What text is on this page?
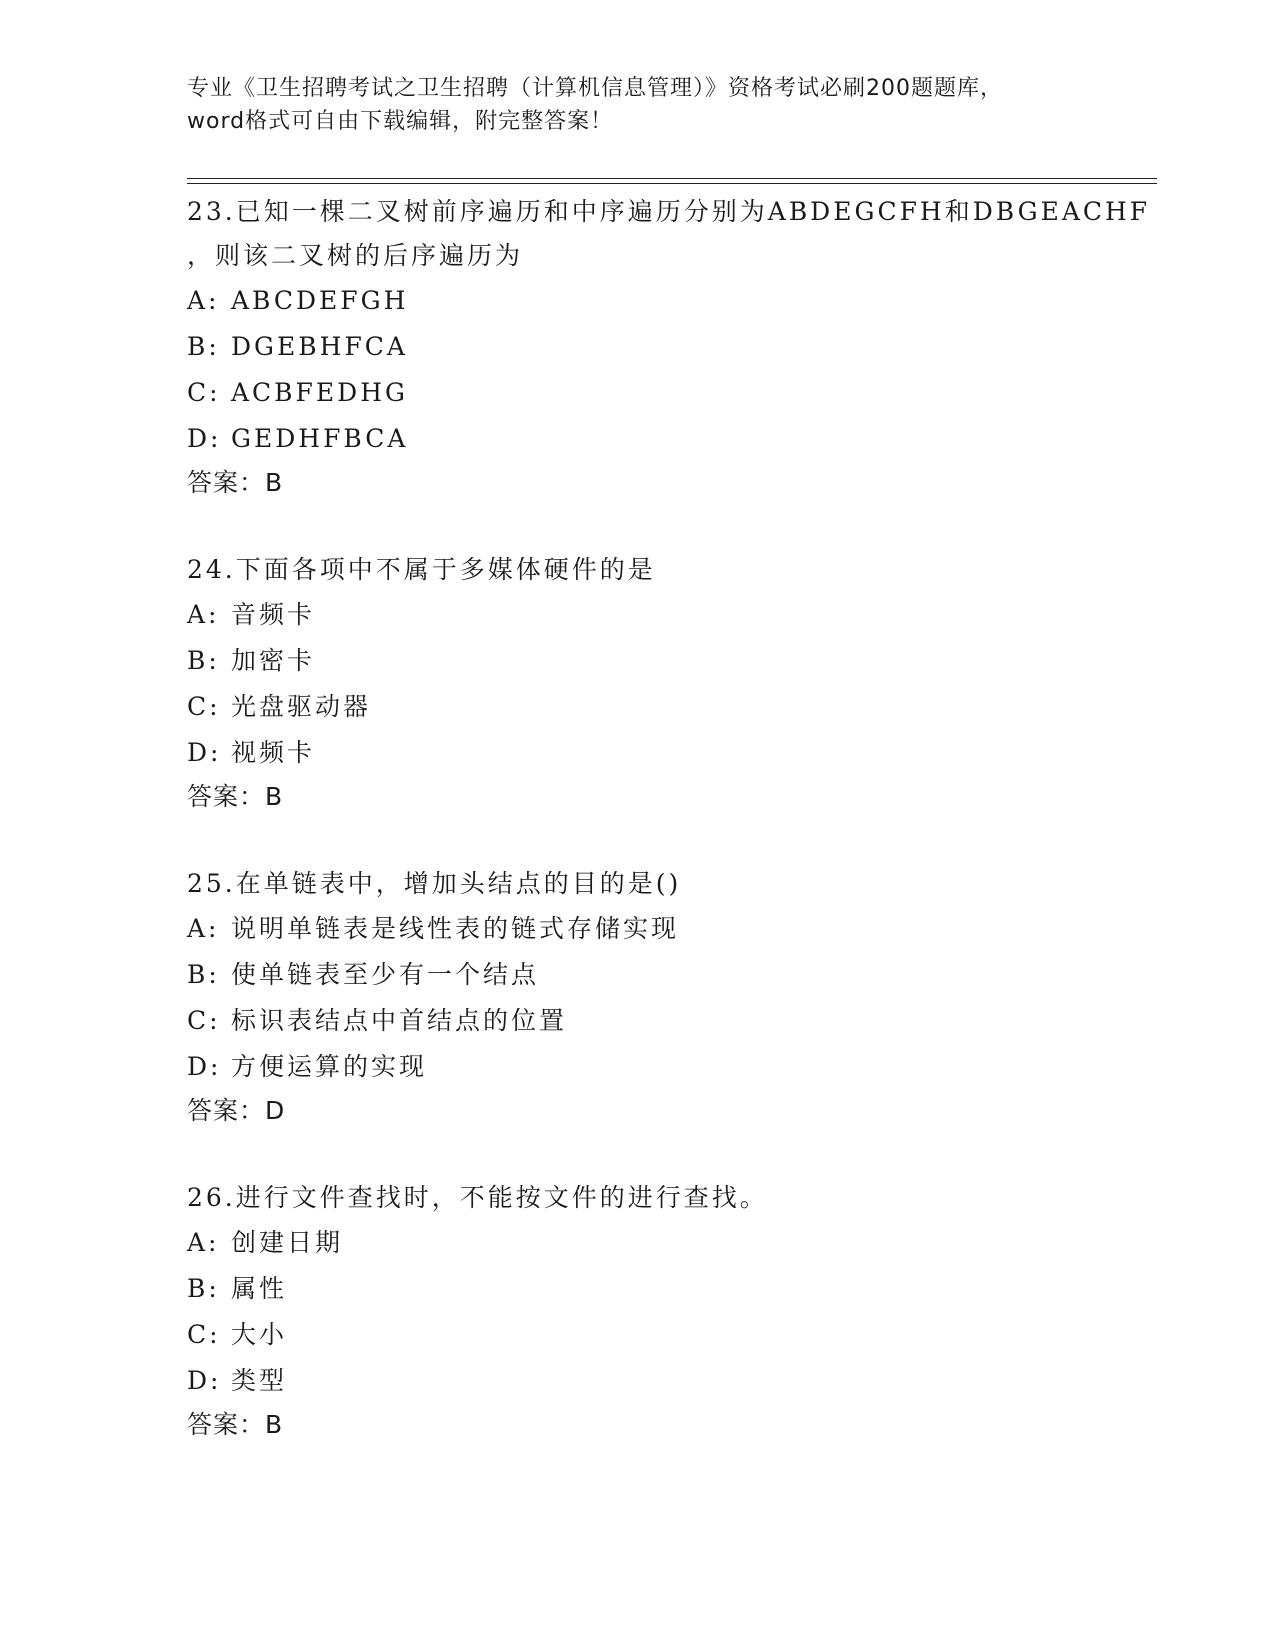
专业《卫生招聘考试之卫生招聘（计算机信息管理）》资格考试必刷200题题库，
word格式可自由下载编辑，附完整答案！
23.已知一棵二叉树前序遍历和中序遍历分别为ABDEGCFH和DBGEACHF
，则该二叉树的后序遍历为
A: ABCDEFGH
B: DGEBHFCA
C: ACBFEDHG
D: GEDHFBCA
答案：B
24.下面各项中不属于多媒体硬件的是
A: 音频卡
B: 加密卡
C: 光盘驱动器
D: 视频卡
答案：B
25.在单链表中，增加头结点的目的是()
A: 说明单链表是线性表的链式存储实现
B: 使单链表至少有一个结点
C: 标识表结点中首结点的位置
D: 方便运算的实现
答案：D
26.进行文件查找时，不能按文件的进行查找。
A: 创建日期
B: 属性
C: 大小
D: 类型
答案：B
